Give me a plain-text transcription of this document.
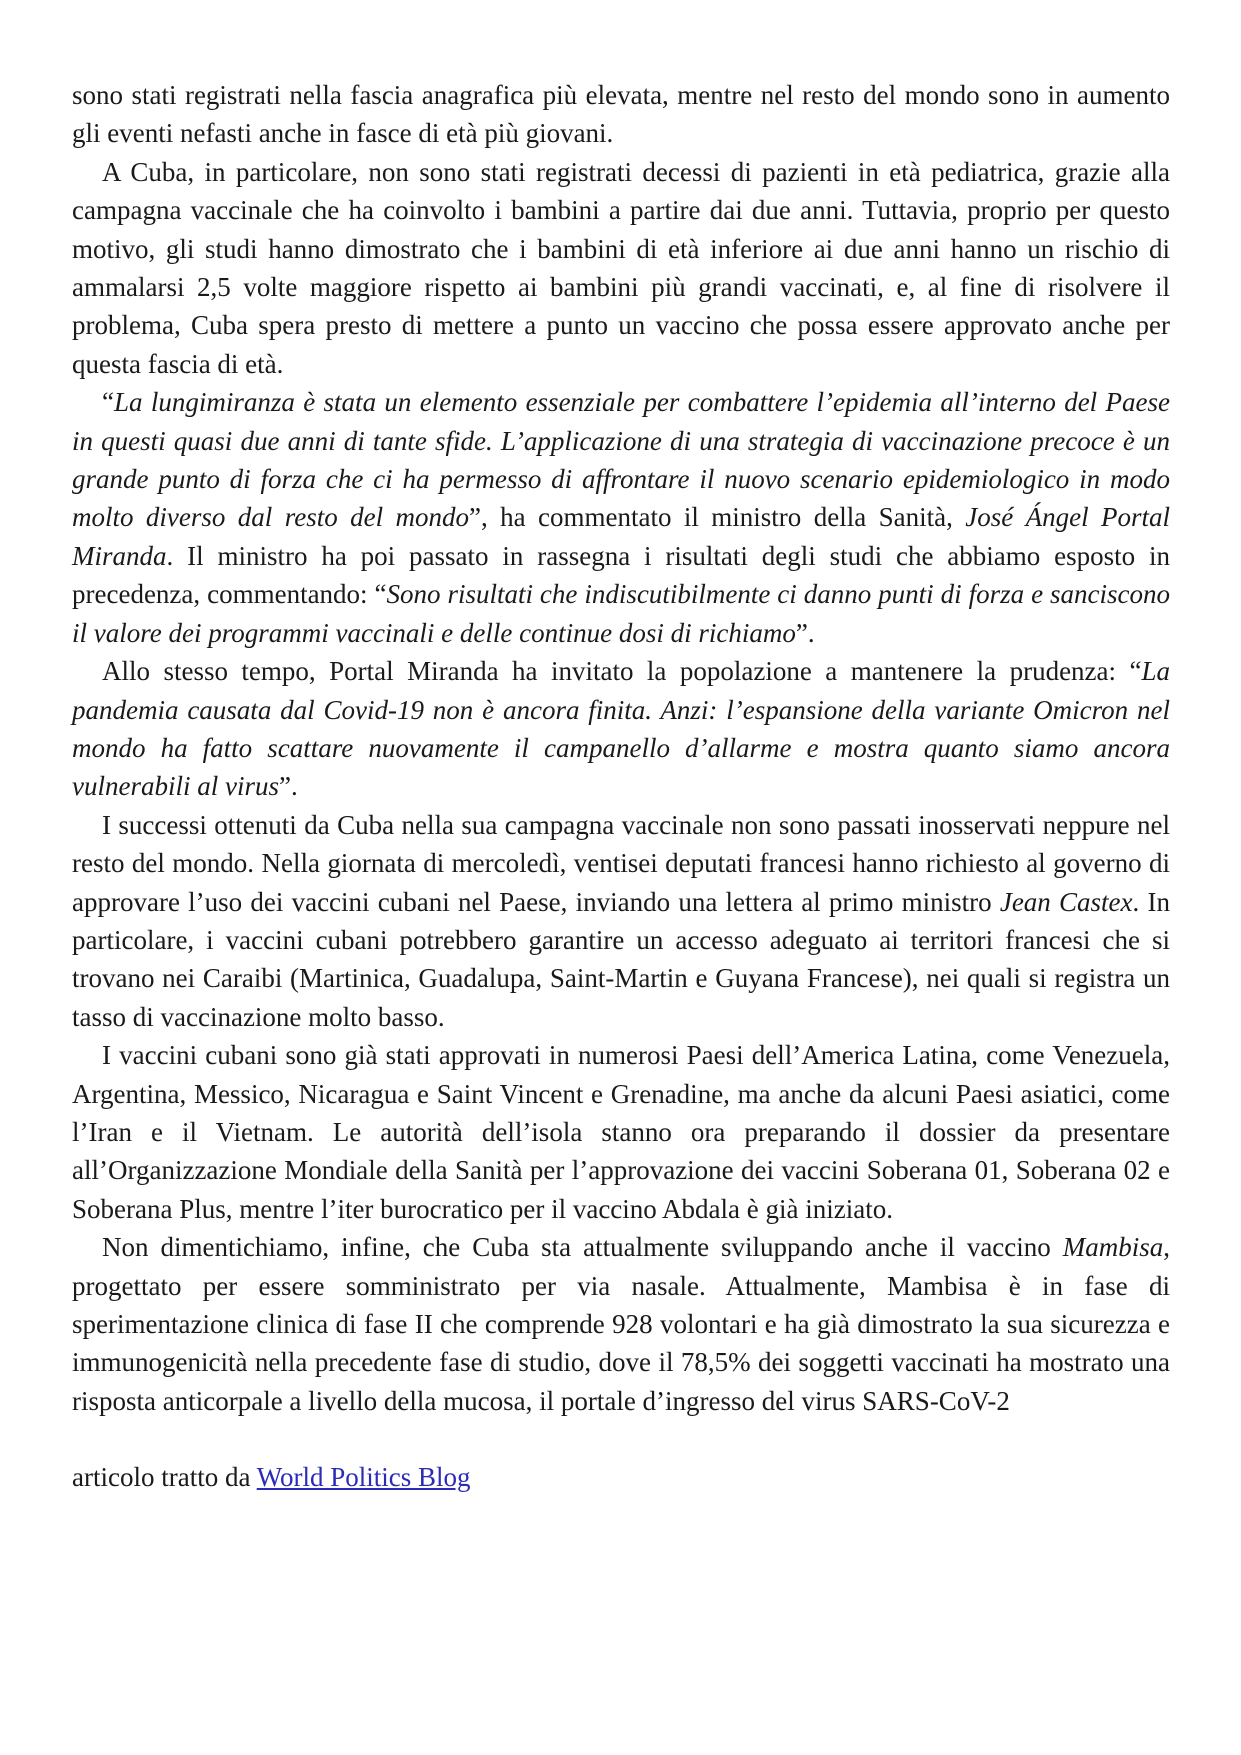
sono stati registrati nella fascia anagrafica più elevata, mentre nel resto del mondo sono in aumento gli eventi nefasti anche in fasce di età più giovani.

A Cuba, in particolare, non sono stati registrati decessi di pazienti in età pediatrica, grazie alla campagna vaccinale che ha coinvolto i bambini a partire dai due anni. Tuttavia, proprio per questo motivo, gli studi hanno dimostrato che i bambini di età inferiore ai due anni hanno un rischio di ammalarsi 2,5 volte maggiore rispetto ai bambini più grandi vaccinati, e, al fine di risolvere il problema, Cuba spera presto di mettere a punto un vaccino che possa essere approvato anche per questa fascia di età.

“La lungimiranza è stata un elemento essenziale per combattere l’epidemia all’interno del Paese in questi quasi due anni di tante sfide. L’applicazione di una strategia di vaccinazione precoce è un grande punto di forza che ci ha permesso di affrontare il nuovo scenario epidemiologico in modo molto diverso dal resto del mondo”, ha commentato il ministro della Sanità, José Ángel Portal Miranda. Il ministro ha poi passato in rassegna i risultati degli studi che abbiamo esposto in precedenza, commentando: “Sono risultati che indiscutibilmente ci danno punti di forza e sanciscono il valore dei programmi vaccinali e delle continue dosi di richiamo”.

Allo stesso tempo, Portal Miranda ha invitato la popolazione a mantenere la prudenza: “La pandemia causata dal Covid-19 non è ancora finita. Anzi: l’espansione della variante Omicron nel mondo ha fatto scattare nuovamente il campanello d’allarme e mostra quanto siamo ancora vulnerabili al virus”.

I successi ottenuti da Cuba nella sua campagna vaccinale non sono passati inosservati neppure nel resto del mondo. Nella giornata di mercoledì, ventisei deputati francesi hanno richiesto al governo di approvare l’uso dei vaccini cubani nel Paese, inviando una lettera al primo ministro Jean Castex. In particolare, i vaccini cubani potrebbero garantire un accesso adeguato ai territori francesi che si trovano nei Caraibi (Martinica, Guadalupa, Saint-Martin e Guyana Francese), nei quali si registra un tasso di vaccinazione molto basso.

I vaccini cubani sono già stati approvati in numerosi Paesi dell’America Latina, come Venezuela, Argentina, Messico, Nicaragua e Saint Vincent e Grenadine, ma anche da alcuni Paesi asiatici, come l’Iran e il Vietnam. Le autorità dell’isola stanno ora preparando il dossier da presentare all’Organizzazione Mondiale della Sanità per l’approvazione dei vaccini Soberana 01, Soberana 02 e Soberana Plus, mentre l’iter burocratico per il vaccino Abdala è già iniziato.

Non dimentichiamo, infine, che Cuba sta attualmente sviluppando anche il vaccino Mambisa, progettato per essere somministrato per via nasale. Attualmente, Mambisa è in fase di sperimentazione clinica di fase II che comprende 928 volontari e ha già dimostrato la sua sicurezza e immunogenicità nella precedente fase di studio, dove il 78,5% dei soggetti vaccinati ha mostrato una risposta anticorpale a livello della mucosa, il portale d’ingresso del virus SARS-CoV-2

articolo tratto da World Politics Blog
